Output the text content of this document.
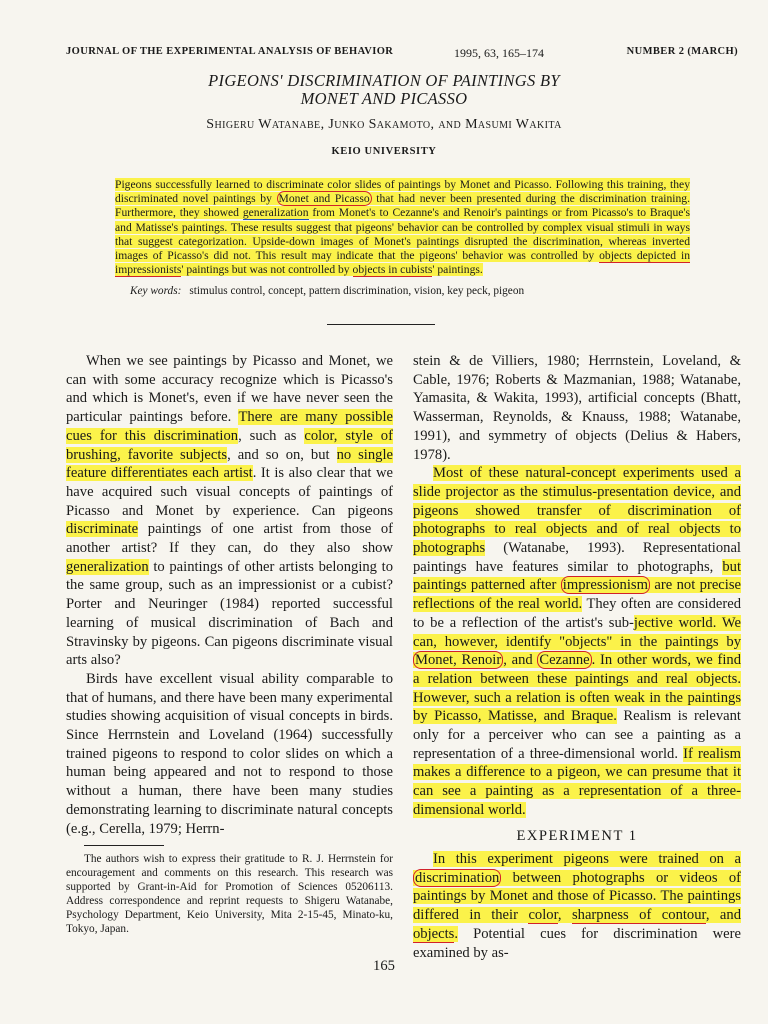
JOURNAL OF THE EXPERIMENTAL ANALYSIS OF BEHAVIOR	1995, 63, 165–174	NUMBER 2 (MARCH)
PIGEONS' DISCRIMINATION OF PAINTINGS BY
MONET AND PICASSO
Shigeru Watanabe, Junko Sakamoto, and Masumi Wakita
KEIO UNIVERSITY
Pigeons successfully learned to discriminate color slides of paintings by Monet and Picasso. Following this training, they discriminated novel paintings by Monet and Picasso that had never been presented during the discrimination training. Furthermore, they showed generalization from Monet's to Cezanne's and Renoir's paintings or from Picasso's to Braque's and Matisse's paintings. These results suggest that pigeons' behavior can be controlled by complex visual stimuli in ways that suggest categorization. Upside-down images of Monet's paintings disrupted the discrimination, whereas inverted images of Picasso's did not. This result may indicate that the pigeons' behavior was controlled by objects depicted in impressionists' paintings but was not controlled by objects in cubists' paintings.
Key words: stimulus control, concept, pattern discrimination, vision, key peck, pigeon

When we see paintings by Picasso and Monet, we can with some accuracy recognize which is Picasso's and which is Monet's, even if we have never seen the particular paintings before. There are many possible cues for this discrimination, such as color, style of brushing, favorite subjects, and so on, but no single feature differentiates each artist. It is also clear that we have acquired such visual concepts of paintings of Picasso and Monet by experience. Can pigeons discriminate paintings of one artist from those of another artist? If they can, do they also show generalization to paintings of other artists belonging to the same group, such as an impressionist or a cubist? Porter and Neuringer (1984) reported successful learning of musical discrimination of Bach and Stravinsky by pigeons. Can pigeons discriminate visual arts also?

Birds have excellent visual ability comparable to that of humans, and there have been many experimental studies showing acquisition of visual concepts in birds. Since Herrnstein and Loveland (1964) successfully trained pigeons to respond to color slides on which a human being appeared and not to respond to those without a human, there have been many studies demonstrating learning to discriminate natural concepts (e.g., Cerella, 1979; Herrn-

The authors wish to express their gratitude to R. J. Herrnstein for encouragement and comments on this research. This research was supported by Grant-in-Aid for Promotion of Sciences 05206113. Address correspondence and reprint requests to Shigeru Watanabe, Psychology Department, Keio University, Mita 2-15-45, Minato-ku, Tokyo, Japan.

stein & de Villiers, 1980; Herrnstein, Loveland, & Cable, 1976; Roberts & Mazmanian, 1988; Watanabe, Yamasita, & Wakita, 1993), artificial concepts (Bhatt, Wasserman, Reynolds, & Knauss, 1988; Watanabe, 1991), and symmetry of objects (Delius & Habers, 1978).

Most of these natural-concept experiments used a slide projector as the stimulus-presentation device, and pigeons showed transfer of discrimination of photographs to real objects and of real objects to photographs (Watanabe, 1993). Representational paintings have features similar to photographs, but paintings patterned after impressionism are not precise reflections of the real world. They often are considered to be a reflection of the artist's sub-jective world. We can, however, identify "objects" in the paintings by Monet, Renoir , and Cezanne . In other words, we find a relation between these paintings and real objects. However, such a relation is often weak in the paintings by Picasso, Matisse, and Braque. Realism is relevant only for a perceiver who can see a painting as a representation of a three-dimensional world. If realism makes a difference to a pigeon, we can presume that it can see a painting as a representation of a three-dimensional world.

EXPERIMENT 1

In this experiment pigeons were trained on a discrimination between photographs or videos of paintings by Monet and those of Picasso. The paintings differed in their color, sharpness of contour, and objects. Potential cues for discrimination were examined by as-

165
